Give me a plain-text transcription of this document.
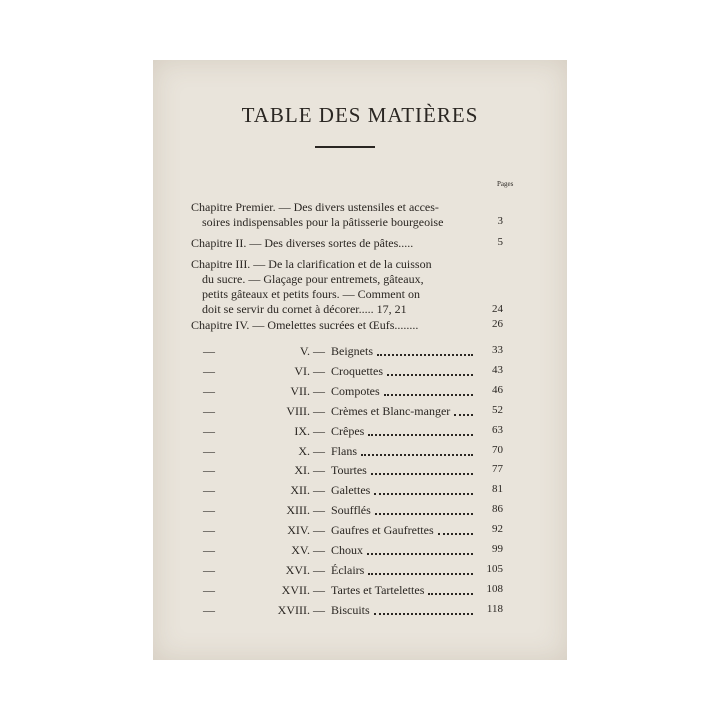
TABLE DES MATIÈRES
Pages
Chapitre Premier. — Des divers ustensiles et acces-
soires indispensables pour la pâtisserie bourgeoise	3
Chapitre II. — Des diverses sortes de pâtes.....	5
Chapitre III. — De la clarification et de la cuisson
du sucre. — Glaçage pour entremets, gâteaux,
petits gâteaux et petits fours. — Comment on
doit se servir du cornet à décorer..... 17, 21	24
Chapitre IV. — Omelettes sucrées et Œufs........	26
—	V. — Beignets	33
—	VI. — Croquettes	43
—	VII. — Compotes	46
—	VIII. — Crèmes et Blanc-manger	52
—	IX. — Crêpes	63
—	X. — Flans	70
—	XI. — Tourtes	77
—	XII. — Galettes	81
—	XIII. — Soufflés	86
—	XIV. — Gaufres et Gaufrettes	92
—	XV. — Choux	99
—	XVI. — Éclairs	105
—	XVII. — Tartes et Tartelettes	108
—	XVIII. — Biscuits	118
